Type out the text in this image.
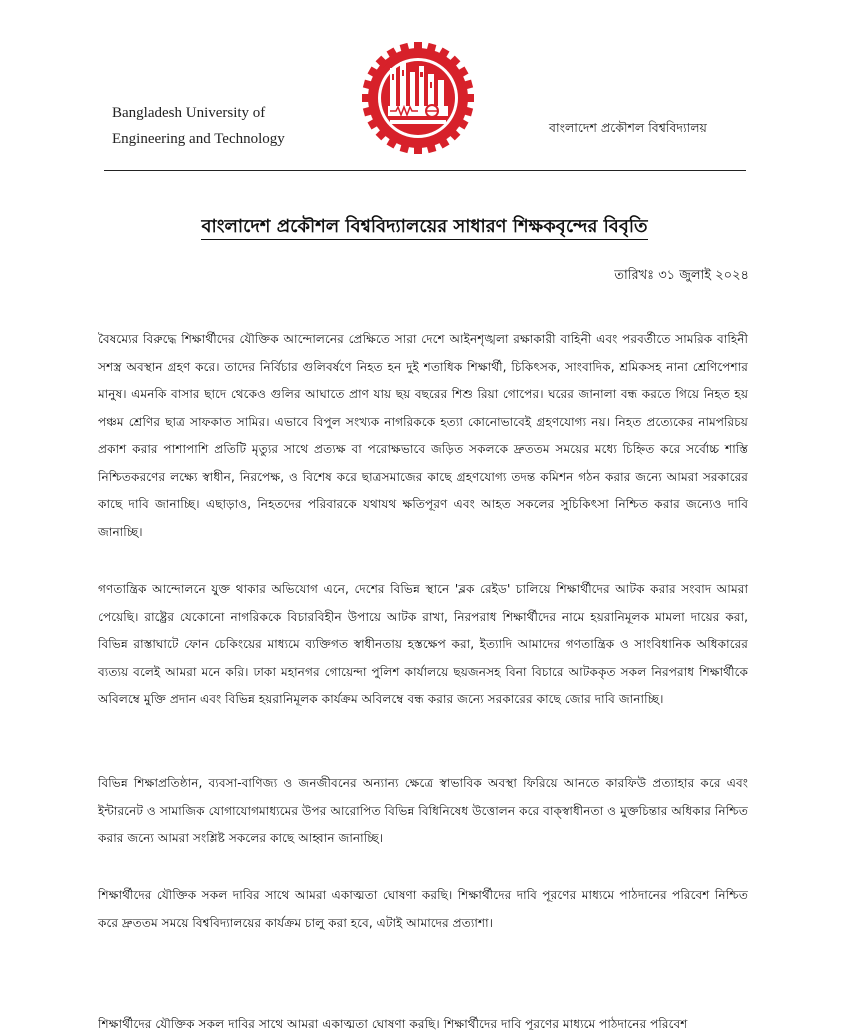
Bangladesh University of
Engineering and Technology
বাংলাদেশ প্রকৌশল বিশ্ববিদ্যালয়
বাংলাদেশ প্রকৌশল বিশ্ববিদ্যালয়ের সাধারণ শিক্ষকবৃন্দের বিবৃতি
তারিখঃ ৩১ জুলাই ২০২৪

বৈষম্যের বিরুদ্ধে শিক্ষার্থীদের যৌক্তিক আন্দোলনের প্রেক্ষিতে সারা দেশে আইনশৃঙ্খলা রক্ষাকারী বাহিনী এবং পরবর্তীতে সামরিক বাহিনী সশস্ত্র অবস্থান গ্রহণ করে। তাদের নির্বিচার গুলিবর্ষণে নিহত হন দুই শতাধিক শিক্ষার্থী, চিকিৎসক, সাংবাদিক, শ্রমিকসহ নানা শ্রেণিপেশার মানুষ। এমনকি বাসার ছাদে থেকেও গুলির আঘাতে প্রাণ যায় ছয় বছরের শিশু রিয়া গোপের। ঘরের জানালা বন্ধ করতে গিয়ে নিহত হয় পঞ্চম শ্রেণির ছাত্র সাফকাত সামির। এভাবে বিপুল সংখ্যক নাগরিককে হত্যা কোনোভাবেই গ্রহণযোগ্য নয়। নিহত প্রত্যেকের নামপরিচয় প্রকাশ করার পাশাপাশি প্রতিটি মৃত্যুর সাথে প্রত্যক্ষ বা পরোক্ষভাবে জড়িত সকলকে দ্রুততম সময়ের মধ্যে চিহ্নিত করে সর্বোচ্চ শাস্তি নিশ্চিতকরণের লক্ষ্যে স্বাধীন, নিরপেক্ষ, ও বিশেষ করে ছাত্রসমাজের কাছে গ্রহণযোগ্য তদন্ত কমিশন গঠন করার জন্যে আমরা সরকারের কাছে দাবি জানাচ্ছি। এছাড়াও, নিহতদের পরিবারকে যথাযথ ক্ষতিপূরণ এবং আহত সকলের সুচিকিৎসা নিশ্চিত করার জন্যেও দাবি জানাচ্ছি।

গণতান্ত্রিক আন্দোলনে যুক্ত থাকার অভিযোগ এনে, দেশের বিভিন্ন স্থানে 'ব্লক রেইড' চালিয়ে শিক্ষার্থীদের আটক করার সংবাদ আমরা পেয়েছি। রাষ্ট্রের যেকোনো নাগরিককে বিচারবিহীন উপায়ে আটক রাখা, নিরপরাধ শিক্ষার্থীদের নামে হয়রানিমূলক মামলা দায়ের করা, বিভিন্ন রাস্তাঘাটে ফোন চেকিংয়ের মাধ্যমে ব্যক্তিগত স্বাধীনতায় হস্তক্ষেপ করা, ইত্যাদি আমাদের গণতান্ত্রিক ও সাংবিধানিক অধিকারের ব্যত্যয় বলেই আমরা মনে করি। ঢাকা মহানগর গোয়েন্দা পুলিশ কার্যালয়ে ছয়জনসহ বিনা বিচারে আটককৃত সকল নিরপরাধ শিক্ষার্থীকে অবিলম্বে মুক্তি প্রদান এবং বিভিন্ন হয়রানিমূলক কার্যক্রম অবিলম্বে বন্ধ করার জন্যে সরকারের কাছে জোর দাবি জানাচ্ছি।

বিভিন্ন শিক্ষাপ্রতিষ্ঠান, ব্যবসা-বাণিজ্য ও জনজীবনের অন্যান্য ক্ষেত্রে স্বাভাবিক অবস্থা ফিরিয়ে আনতে কারফিউ প্রত্যাহার করে এবং ইন্টারনেট ও সামাজিক যোগাযোগমাধ্যমের উপর আরোপিত বিভিন্ন বিধিনিষেধ উত্তোলন করে বাক্স্বাধীনতা ও মুক্তচিন্তার অধিকার নিশ্চিত করার জন্যে আমরা সংশ্লিষ্ট সকলের কাছে আহ্বান জানাচ্ছি।

শিক্ষার্থীদের যৌক্তিক সকল দাবির সাথে আমরা একাত্মতা ঘোষণা করছি। শিক্ষার্থীদের দাবি পূরণের মাধ্যমে পাঠদানের পরিবেশ নিশ্চিত করে দ্রুততম সময়ে বিশ্ববিদ্যালয়ের কার্যক্রম চালু করা হবে, এটাই আমাদের প্রত্যাশা।

শিক্ষার্থীদের যৌক্তিক সকল দাবির সাথে আমরা একাত্মতা ঘোষণা করছি। শিক্ষার্থীদের দাবি পূরণের মাধ্যমে পাঠদানের পরিবেশ
